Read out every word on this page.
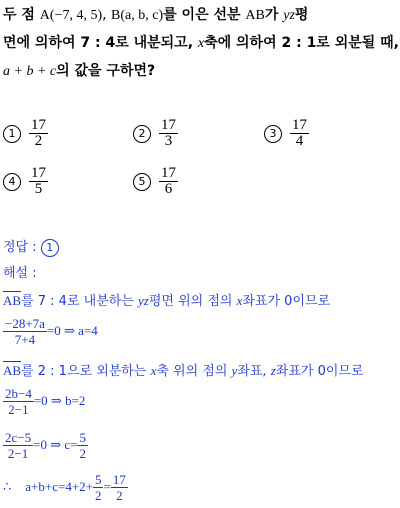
두 점 A(−7, 4, 5), B(a, b, c)를 이은 선분 AB가 yz평
면에 의하여 7 : 4로 내분되고, x축에 의하여 2 : 1로 외분될 때,
a + b + c의 값을 구하면?
$1 \frac{17}{2}$	$2 \frac{17}{3}$	$3 \frac{17}{4}$
$4 \frac{17}{5}$	$5 \frac{17}{6}$
정답 : 1
해설 :
AB를 7 : 4로 내분하는 yz평면 위의 점의 x좌표가 0이므로
$\frac{-28+7a}{7+4} =0$ ⇒ a=4
AB를 2 : 1으로 외분하는 x축 위의 점의 y좌표, z좌표가 0이므로
$\frac{2b-4}{2-1} =0$ ⇒ b=2
$\frac{2c-5}{2-1} =0$ ⇒ $c= \frac{5}{2}$
∴ $a+b+c=4+2+ \frac{5}{2} = \frac{17}{2}$
